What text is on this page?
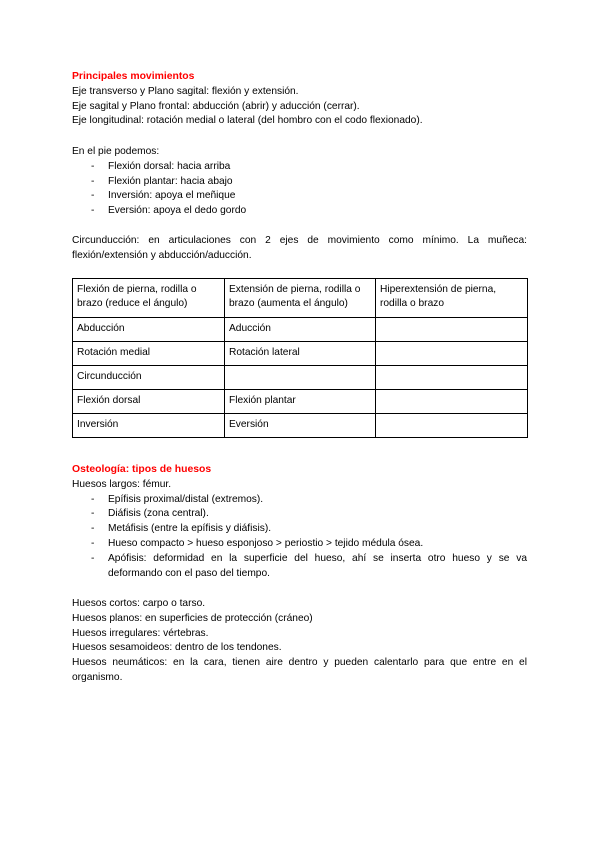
Principales movimientos
Eje transverso y Plano sagital: flexión y extensión.
Eje sagital y Plano frontal: abducción (abrir) y aducción (cerrar).
Eje longitudinal: rotación medial o lateral (del hombro con el codo flexionado).
En el pie podemos:
- Flexión dorsal: hacia arriba
- Flexión plantar: hacia abajo
- Inversión: apoya el meñique
- Eversión: apoya el dedo gordo
Circunducción: en articulaciones con 2 ejes de movimiento como mínimo. La muñeca: flexión/extensión y abducción/aducción.
Flexión de pierna, rodilla o brazo (reduce el ángulo)	Extensión de pierna, rodilla o brazo (aumenta el ángulo)	Hiperextensión de pierna, rodilla o brazo
Abducción	Aducción	
Rotación medial	Rotación lateral	
Circunducción		
Flexión dorsal	Flexión plantar	
Inversión	Eversión	
Osteología: tipos de huesos
Huesos largos: fémur.
- Epífisis proximal/distal (extremos).
- Diáfisis (zona central).
- Metáfisis (entre la epífisis y diáfisis).
- Hueso compacto > hueso esponjoso > periostio > tejido médula ósea.
- Apófisis: deformidad en la superficie del hueso, ahí se inserta otro hueso y se va deformando con el paso del tiempo.
Huesos cortos: carpo o tarso.
Huesos planos: en superficies de protección (cráneo)
Huesos irregulares: vértebras.
Huesos sesamoideos: dentro de los tendones.
Huesos neumáticos: en la cara, tienen aire dentro y pueden calentarlo para que entre en el organismo.
